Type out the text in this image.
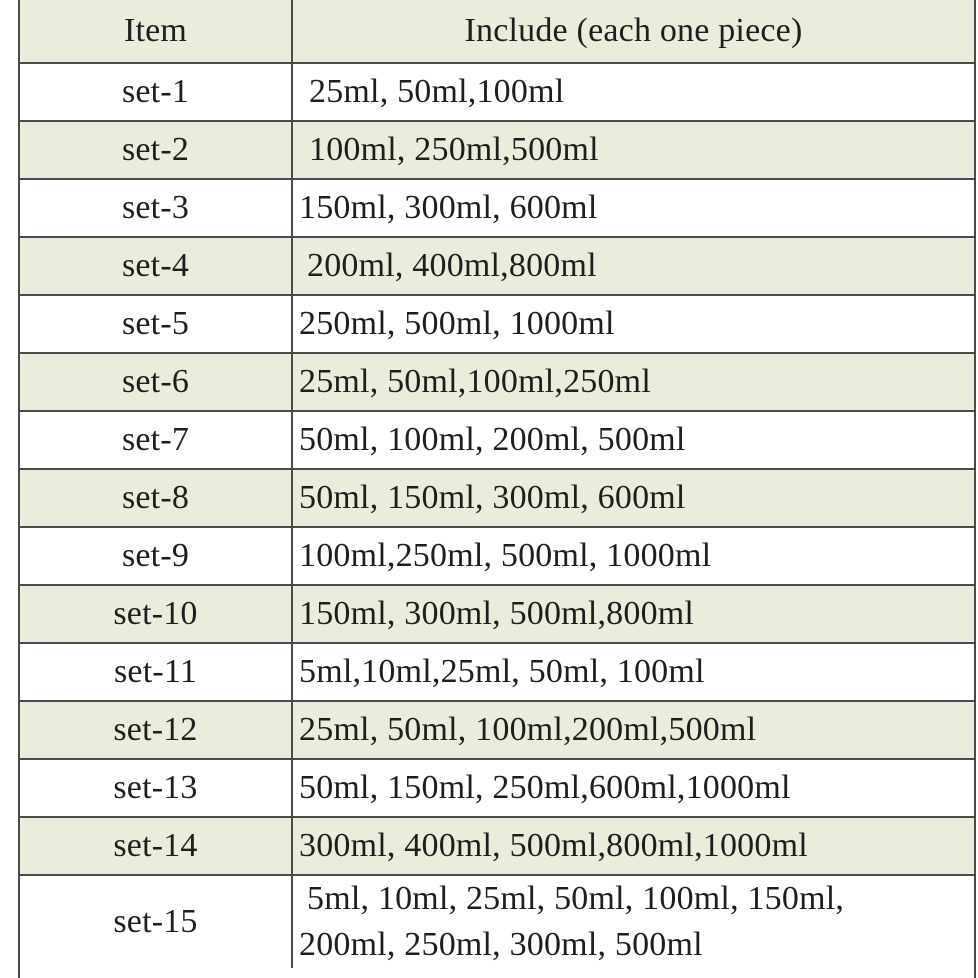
Item	Include (each one piece)
set-1	25ml, 50ml,100ml
set-2	100ml, 250ml,500ml
set-3	150ml, 300ml, 600ml
set-4	200ml, 400ml,800ml
set-5	250ml, 500ml, 1000ml
set-6	25ml, 50ml,100ml,250ml
set-7	50ml, 100ml, 200ml, 500ml
set-8	50ml, 150ml, 300ml, 600ml
set-9	100ml,250ml, 500ml, 1000ml
set-10	150ml, 300ml, 500ml,800ml
set-11	5ml,10ml,25ml, 50ml, 100ml
set-12	25ml, 50ml, 100ml,200ml,500ml
set-13	50ml, 150ml, 250ml,600ml,1000ml
set-14	300ml, 400ml, 500ml,800ml,1000ml
set-15	5ml, 10ml, 25ml, 50ml, 100ml, 150ml,
200ml, 250ml, 300ml, 500ml
